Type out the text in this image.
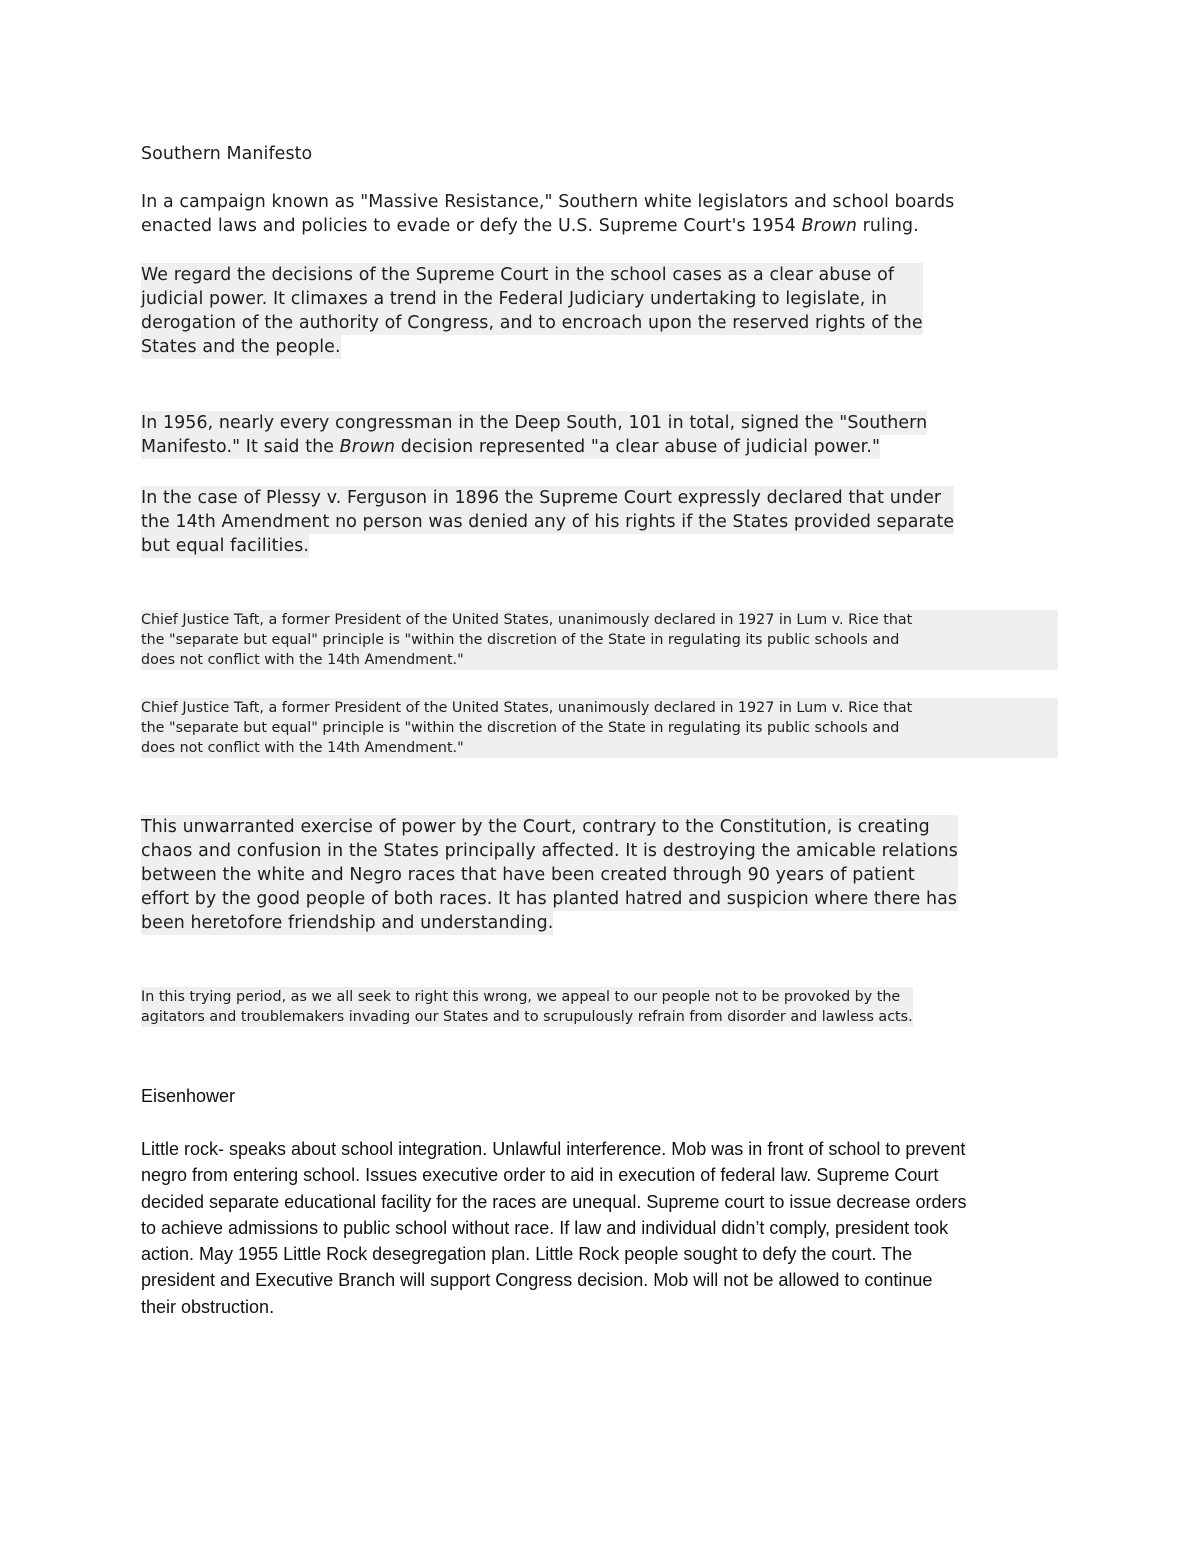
Southern Manifesto

In a campaign known as "Massive Resistance," Southern white legislators and school boards
enacted laws and policies to evade or defy the U.S. Supreme Court's 1954 Brown ruling.
We regard the decisions of the Supreme Court in the school cases as a clear abuse of
judicial power. It climaxes a trend in the Federal Judiciary undertaking to legislate, in
derogation of the authority of Congress, and to encroach upon the reserved rights of the
States and the people.
In 1956, nearly every congressman in the Deep South, 101 in total, signed the "Southern
Manifesto." It said the Brown decision represented "a clear abuse of judicial power."
In the case of Plessy v. Ferguson in 1896 the Supreme Court expressly declared that under
the 14th Amendment no person was denied any of his rights if the States provided separate
but equal facilities.
Chief Justice Taft, a former President of the United States, unanimously declared in 1927 in Lum v. Rice that
the "separate but equal" principle is "within the discretion of the State in regulating its public schools and
does not conflict with the 14th Amendment."
Chief Justice Taft, a former President of the United States, unanimously declared in 1927 in Lum v. Rice that
the "separate but equal" principle is "within the discretion of the State in regulating its public schools and
does not conflict with the 14th Amendment."
This unwarranted exercise of power by the Court, contrary to the Constitution, is creating
chaos and confusion in the States principally affected. It is destroying the amicable relations
between the white and Negro races that have been created through 90 years of patient
effort by the good people of both races. It has planted hatred and suspicion where there has
been heretofore friendship and understanding.
In this trying period, as we all seek to right this wrong, we appeal to our people not to be provoked by the
agitators and troublemakers invading our States and to scrupulously refrain from disorder and lawless acts.

Eisenhower

Little rock- speaks about school integration. Unlawful interference. Mob was in front of school to prevent
negro from entering school. Issues executive order to aid in execution of federal law. Supreme Court
decided separate educational facility for the races are unequal. Supreme court to issue decrease orders
to achieve admissions to public school without race. If law and individual didn’t comply, president took
action. May 1955 Little Rock desegregation plan. Little Rock people sought to defy the court. The
president and Executive Branch will support Congress decision. Mob will not be allowed to continue
their obstruction.
